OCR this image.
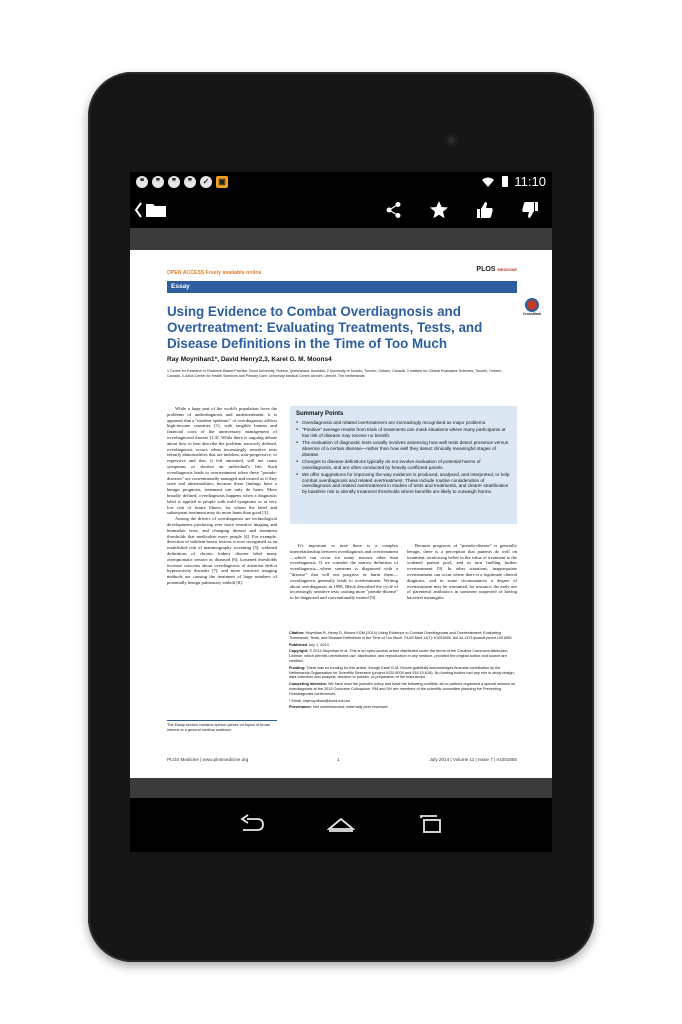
❝	❞	❞	❞	✓	▣	11:10
OPEN ACCESS Freely available online	PLOS MEDICINE
Essay
CrossMark
Using Evidence to Combat Overdiagnosis and Overtreatment: Evaluating Treatments, Tests, and Disease Definitions in the Time of Too Much
Ray Moynihan1*, David Henry2,3, Karel G. M. Moons4
1 Centre for Research in Evidence-Based Practice, Bond University, Robina, Queensland, Australia, 2 University of Toronto, Toronto, Ontario, Canada, 3 Institute for Clinical Evaluative Sciences, Toronto, Ontario, Canada, 4 Julius Center for Health Sciences and Primary Care, University Medical Centre Utrecht, Utrecht, The Netherlands

While a large part of the world's population faces the problems of underdiagnosis and undertreatment, it is apparent that a "modern epidemic" of overdiagnosis afflicts high-income countries [1], with tangible human and financial costs of the unnecessary management of overdiagnosed disease [2,3]. While there is ongoing debate about how to best describe the problem, narrowly defined, overdiagnosis occurs when increasingly sensitive tests identify abnormalities that are indolent, non-progressive, or regressive and that, if left untreated, will not cause symptoms or shorten an individual's life. Such overdiagnosis leads to overtreatment when these "pseudo-diseases" are conventionally managed and treated as if they were real abnormalities; because these findings have a benign prognosis, treatment can only do harm. More broadly defined, overdiagnosis happens when a diagnostic label is applied to people with mild symptoms or at very low risk of future illness, for whom the label and subsequent treatment may do more harm than good [3].

Among the drivers of overdiagnosis are technological developments producing ever more sensitive imaging and biomarker tests, and changing disease and treatment thresholds that medicalize more people [4]. For example, detection of indolent breast lesions is now recognised as an established risk of mammography screening [5]; widened definitions of chronic kidney disease label many asymptomatic seniors as diseased [6]; loosened thresholds increase concerns about overdiagnosis of attention deficit hyperactivity disorder [7]; and more sensitive imaging methods are causing the treatment of large numbers of potentially benign pulmonary emboli [8].

Summary Points
● Overdiagnosis and related overtreatment are increasingly recognised as major problems.
● "Positive" average results from trials of treatments can mask situations where many participants at low risk of disease may receive no benefit.
● The evaluation of diagnostic tests usually involves assessing how well tests detect presence versus absence of a certain disease—rather than how well they detect clinically meaningful stages of disease.
● Changes to disease definitions typically do not involve evaluation of potential harms of overdiagnosis, and are often conducted by heavily conflicted panels.
● We offer suggestions for improving the way evidence is produced, analysed, and interpreted, to help combat overdiagnosis and related overtreatment. These include routine consideration of overdiagnosis and related overtreatment in studies of tests and treatments, and clearer stratification by baseline risk to identify treatment thresholds where benefits are likely to outweigh harms.

It's important to note there is a complex interrelationship between overdiagnosis and overtreatment—which can occur for many reasons other than overdiagnosis. If we consider the narrow definition of overdiagnosis—where someone is diagnosed with a "disease" that will not progress or harm them—overdiagnosis generally leads to overtreatment. Writing about overdiagnosis in 1998, Black described the cycle of increasingly sensitive tests causing more "pseudo-disease" to be diagnosed and conventionally treated [9].

Because prognosis of "pseudo-disease" is generally benign, there is a perception that patients do well on treatment, reinforcing belief in the value of treatment to the widened patient pool, and in turn fuelling further overtreatment [9]. In other situations, inappropriate overtreatment can occur where there is a legitimate clinical diagnosis, and in some circumstances a degree of overtreatment may be warranted, for instance, the early use of parenteral antibiotics in someone suspected of having bacterial meningitis.

Citation: Moynihan R, Henry D, Moons KGM (2014) Using Evidence to Combat Overdiagnosis and Overtreatment: Evaluating Treatments, Tests, and Disease Definitions in the Time of Too Much. PLoS Med 11(7): e1001655. doi:10.1371/journal.pmed.1001655

Published July 1, 2014

Copyright: © 2014 Moynihan et al. This is an open-access article distributed under the terms of the Creative Commons Attribution License, which permits unrestricted use, distribution, and reproduction in any medium, provided the original author and source are credited.

Funding: There was no funding for this article, though Karel G.M. Moons gratefully acknowledges financial contribution by the Netherlands Organisation for Scientific Research (project 9120.8004 and 918.10.615). No funding bodies had any role in study design, data collection and analysis, decision to publish, or preparation of the manuscript.

Competing Interests: We have read the journal's policy and have the following conflicts: all co-authors organised a special session on overdiagnosis at the 2013 Cochrane Colloquium. RM and DH are members of the scientific committee planning the Preventing Overdiagnosis conferences.

* Email: raymoynihan@bond.edu.au

Provenance: Not commissioned; externally peer reviewed.

The Essay section contains opinion pieces on topics of broad interest to a general medical audience.
PLOS Medicine | www.plosmedicine.org	1	July 2014 | Volume 11 | Issue 7 | e1001655
